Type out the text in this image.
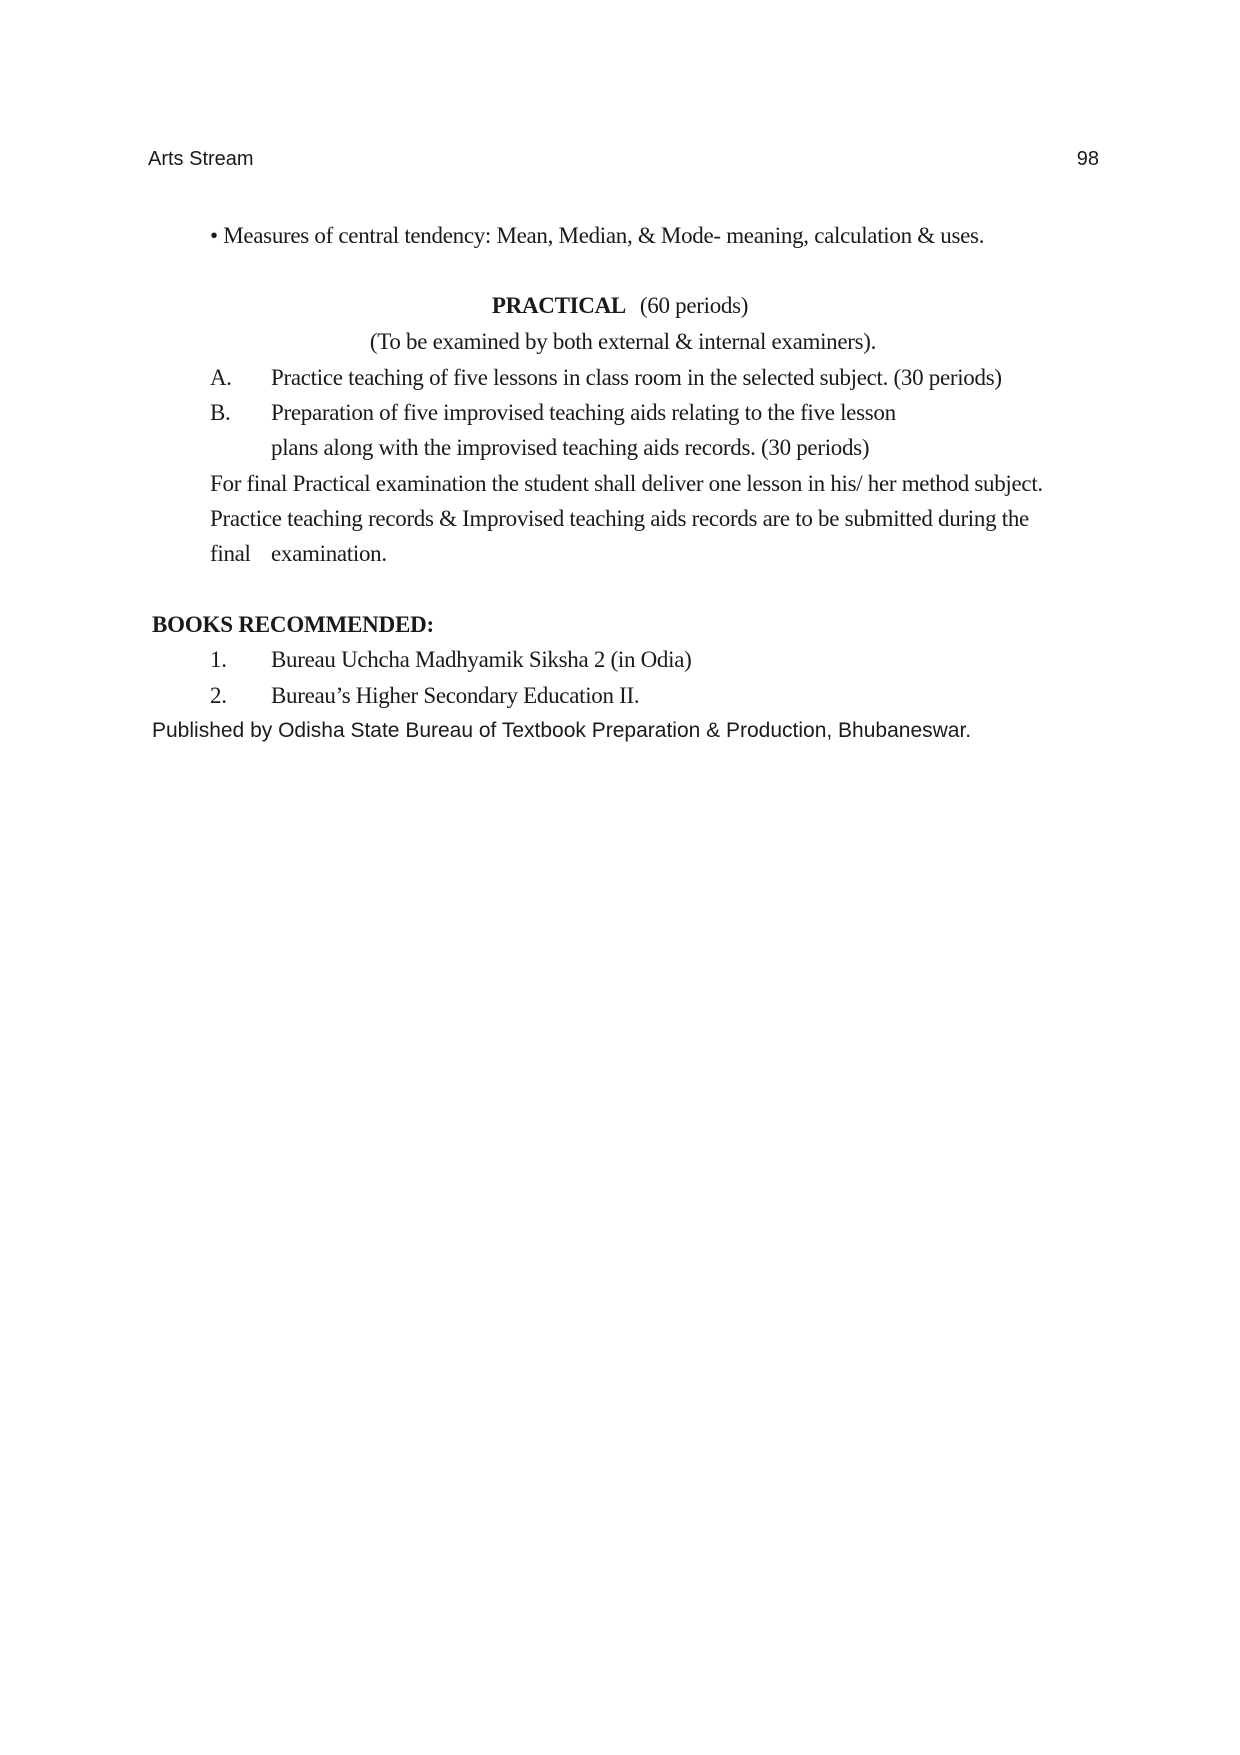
Arts Stream	98
• Measures of central tendency: Mean, Median, & Mode- meaning, calculation & uses.
PRACTICAL (60 periods)
(To be examined by both external & internal examiners).
A. Practice teaching of five lessons in class room in the selected subject. (30 periods)
B. Preparation of five improvised teaching aids relating to the five lesson
plans along with the improvised teaching aids records. (30 periods)
For final Practical examination the student shall deliver one lesson in his/ her method subject.
Practice teaching records & Improvised teaching aids records are to be submitted during the
final examination.
BOOKS RECOMMENDED:
1. Bureau Uchcha Madhyamik Siksha 2 (in Odia)
2. Bureau’s Higher Secondary Education II.
Published by Odisha State Bureau of Textbook Preparation & Production, Bhubaneswar.
